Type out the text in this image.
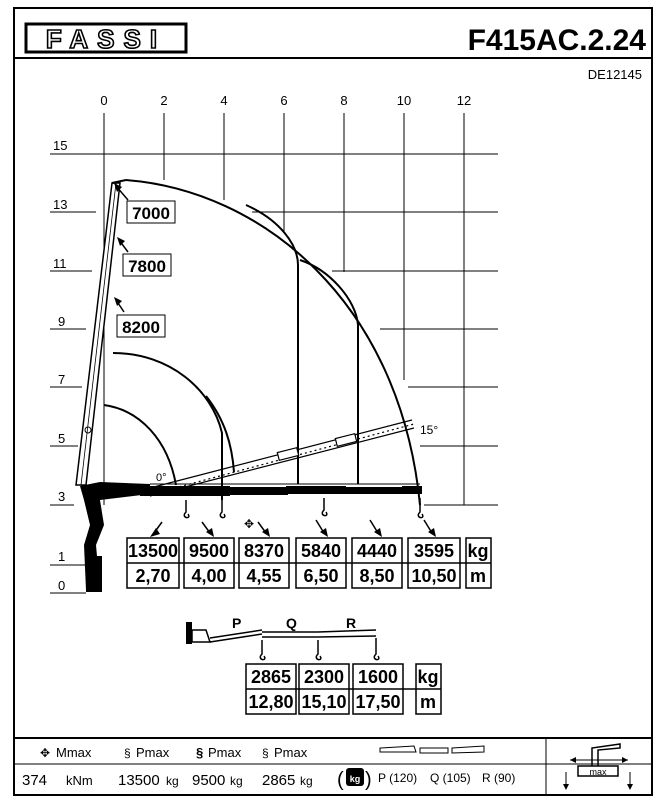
FASSI	F415AC.2.24
DE12145
0	2	4	6	8	10	12
15
13
11
9
7
5
3
1
0
15°
7000
7800
8200
0°
✥
13500 9500 8370 5840 4440 3595 kg
2,70 4,00 4,55 6,50 8,50 10,50 m
P	Q	R
2865 2300 1600 kg
12,80 15,10 17,50 m
✥ Mmax	§ Pmax § Pmax § Pmax
374 kNm 13500 kg 9500 kg 2865 kg ( kg ) P (120) Q (105) R (90)	max
